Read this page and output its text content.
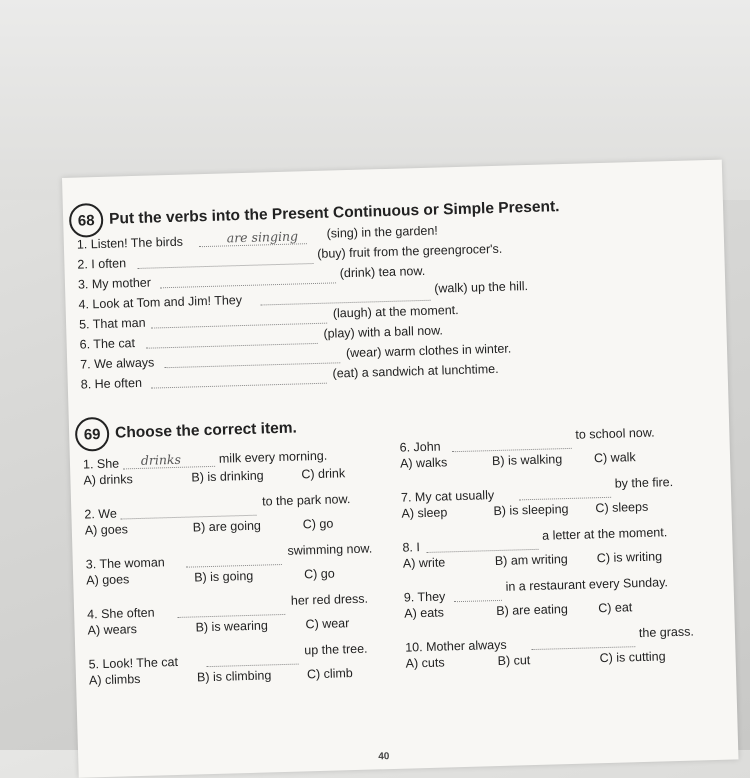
68 Put the verbs into the Present Continuous or Simple Present.
1. Listen! The birds	are singing (sing) in the garden!
2. I often
(buy) fruit from the greengrocer's.
3. My mother
(drink) tea now.
4. Look at Tom and Jim! They
(walk) up the hill.
5. That man
(laugh) at the moment.
6. The cat
(play) with a ball now.
7. We always
(wear) warm clothes in winter.
8. He often
(eat) a sandwich at lunchtime.
69 Choose the correct item.
1. She drinks	milk every morning.
A) drinks	B) is drinking	C) drink
2. We
to the park now.
A) goes	B) are going	C) go
3. The woman
swimming now.
A) goes	B) is going	C) go
4. She often
her red dress.
A) wears	B) is wearing	C) wear
5. Look! The cat
up the tree.
A) climbs	B) is climbing	C) climb
6. John
to school now.
A) walks	B) is walking	C) walk
7. My cat usually
by the fire.
A) sleep	B) is sleeping C) sleeps
8. I
a letter at the moment.
A) write	B) am writing C) is writing
9. They
in a restaurant every Sunday.
A) eats	B) are eating C) eat
10. Mother always
the grass.
A) cuts	B) cut	C) is cutting
40
